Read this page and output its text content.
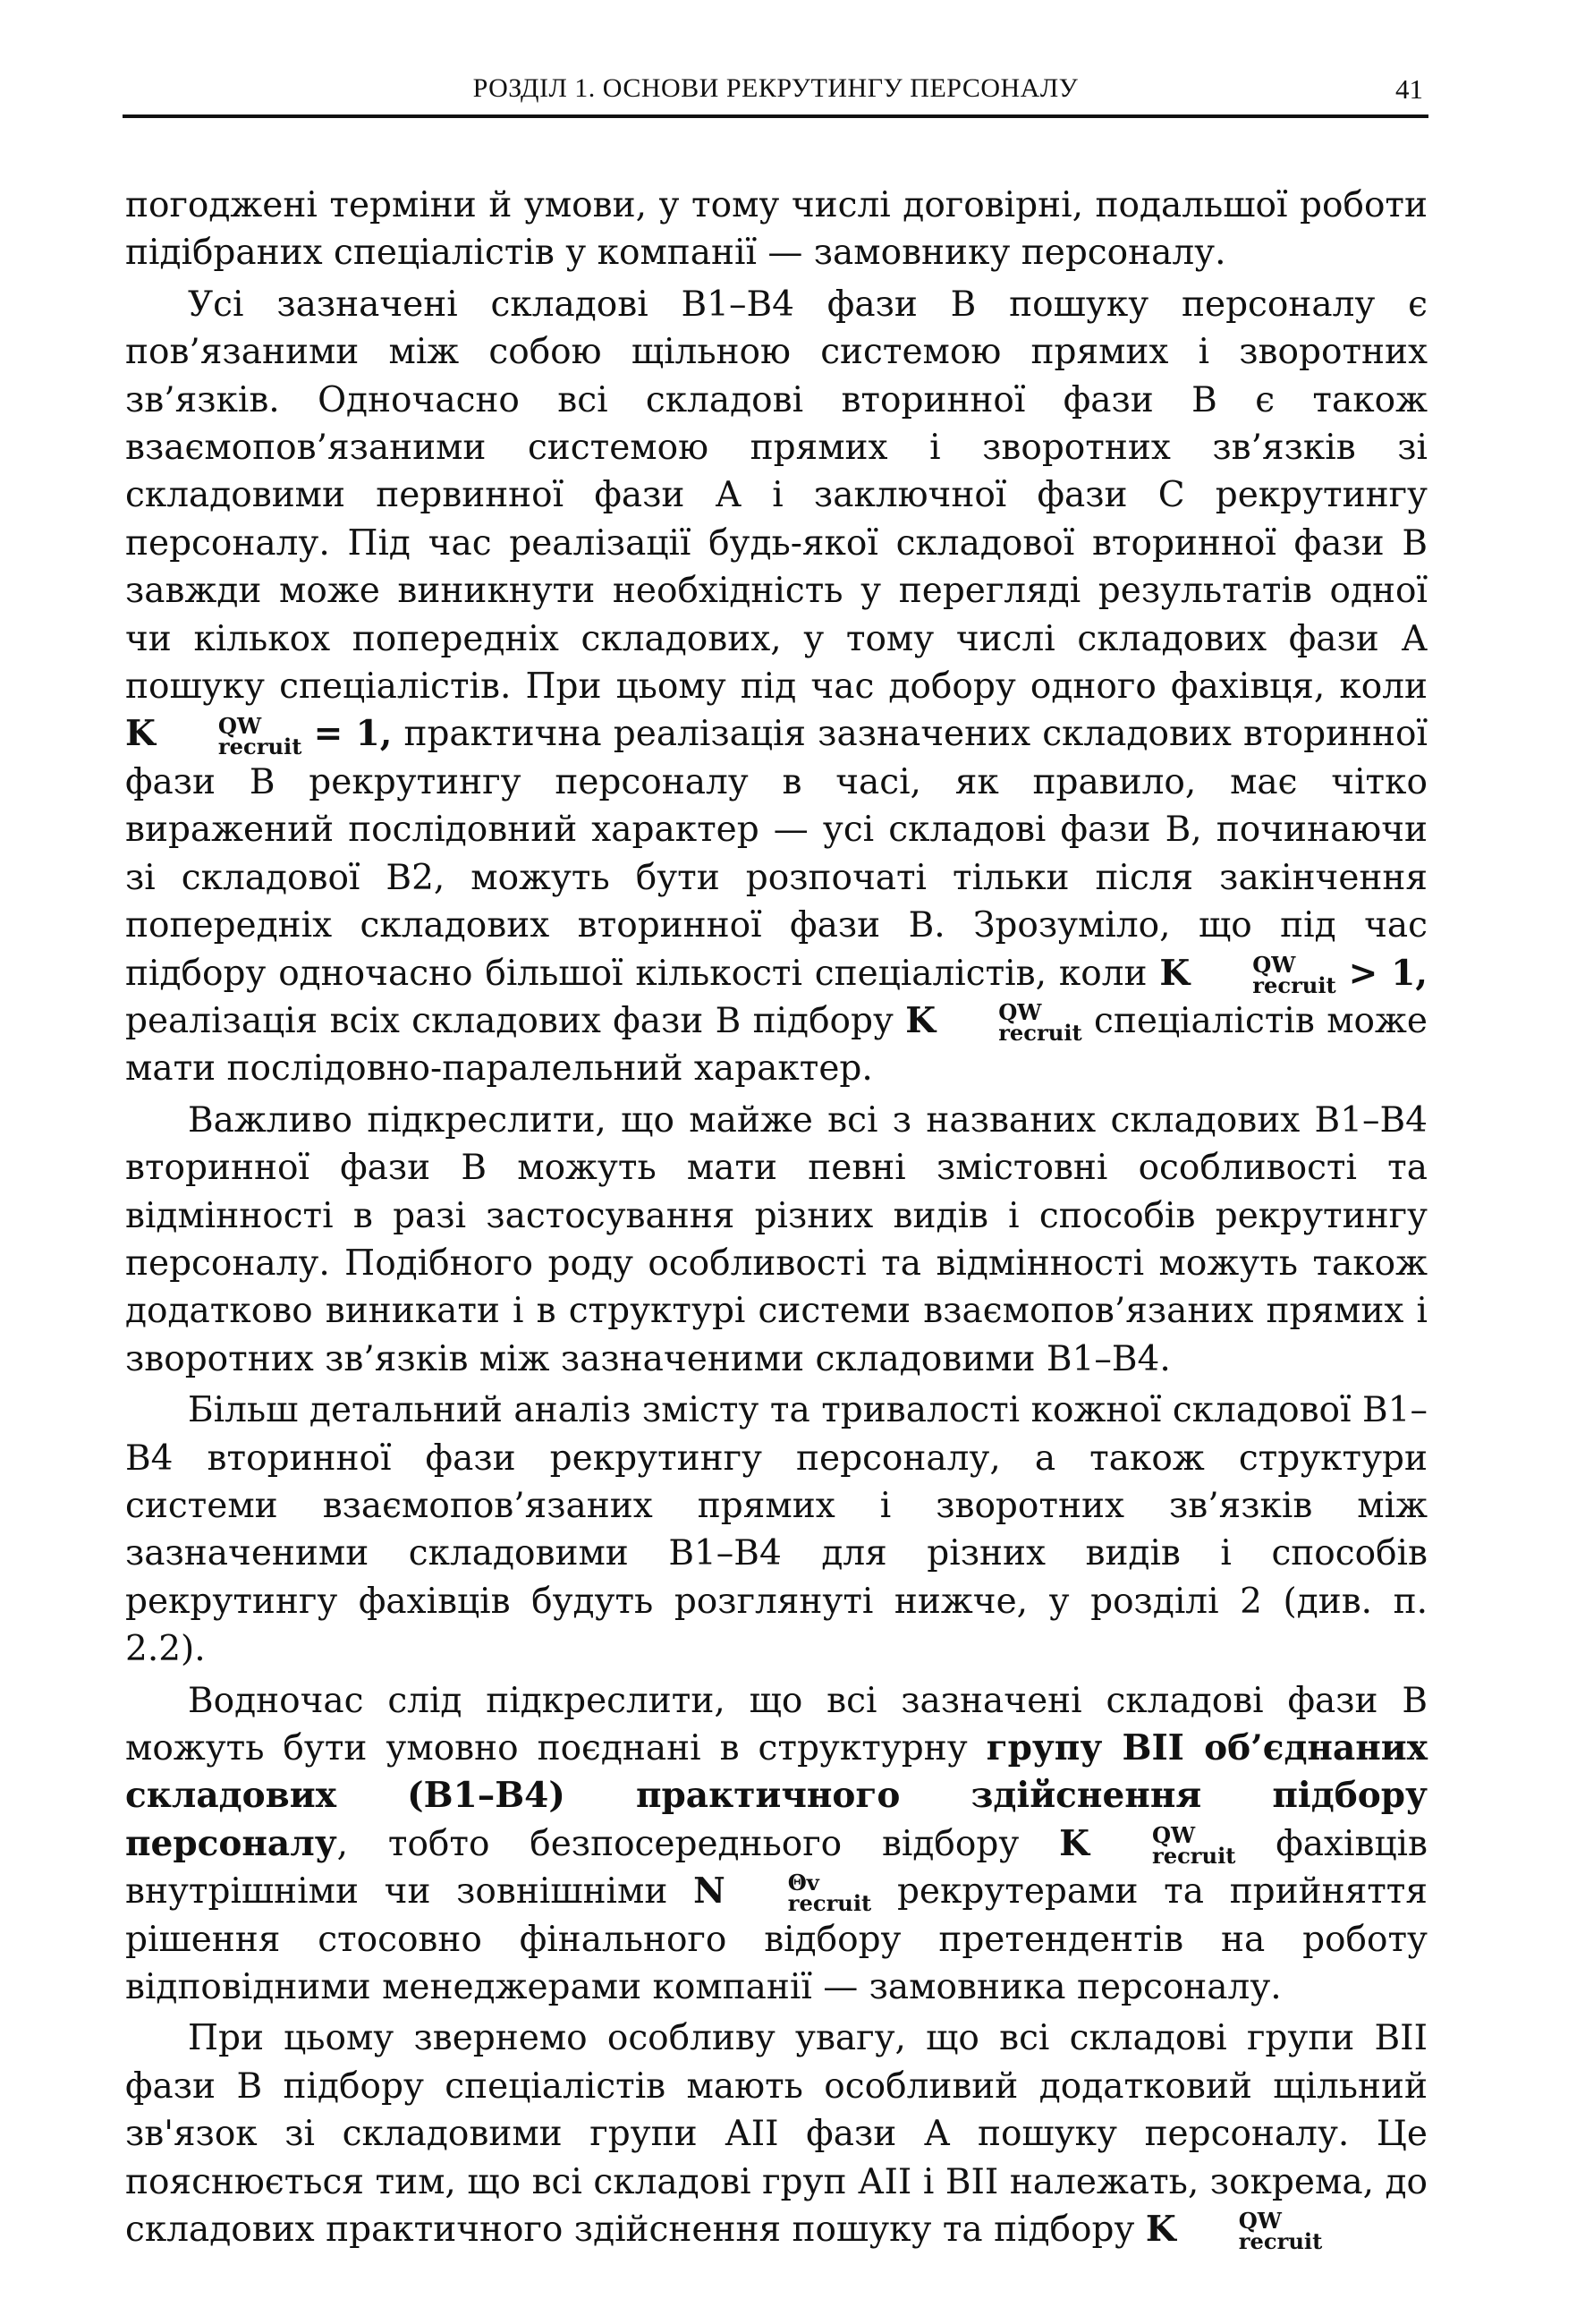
РОЗДІЛ 1. ОСНОВИ РЕКРУТИНГУ ПЕРСОНАЛУ	41

погоджені терміни й умови, у тому числі договірні, подальшої роботи підібраних спеціалістів у компанії — замовнику персоналу.

Усі зазначені складові В1–В4 фази В пошуку персоналу є пов’язаними між собою щільною системою прямих і зворотних зв’язків. Одночасно всі складові вторинної фази В є також взаємопов’язаними системою прямих і зворотних зв’язків зі складовими первинної фази А і заключної фази С рекрутингу персоналу. Під час реалізації будь-якої складової вторинної фази В завжди може виникнути необхідність у перегляді результатів одної чи кількох попередніх складових, у тому числі складових фази А пошуку спеціалістів. При цьому під час добору одного фахівця, коли K	QW
recruit = 1, практична реалізація зазначених складових вторинної фази В рекрутингу персоналу в часі, як правило, має чітко виражений послідовний характер — усі складові фази В, починаючи зі складової В2, можуть бути розпочаті тільки після закінчення попередніх складових вторинної фази В. Зрозуміло, що під час підбору одночасно більшої кількості спеціалістів, коли K	QW
recruit > 1, реалізація всіх складових фази В підбору K	QW
recruit спеціалістів може мати послідовно-паралельний характер.

Важливо підкреслити, що майже всі з названих складових В1–В4 вторинної фази В можуть мати певні змістовні особливості та відмінності в разі застосування різних видів і способів рекрутингу персоналу. Подібного роду особливості та відмінності можуть також додатково виникати і в структурі системи взаємопов’язаних прямих і зворотних зв’язків між зазначеними складовими В1–В4.

Більш детальний аналіз змісту та тривалості кожної складової В1–В4 вторинної фази рекрутингу персоналу, а також структури системи взаємопов’язаних прямих і зворотних зв’язків між зазначеними складовими В1–В4 для різних видів і способів рекрутингу фахівців будуть розглянуті нижче, у розділі 2 (див. п. 2.2).

Водночас слід підкреслити, що всі зазначені складові фази В можуть бути умовно поєднані в структурну групу ВІІ об’єднаних складових (В1–В4) практичного здійснення підбору персоналу, тобто безпосереднього відбору K	QW
recruit фахівців внутрішніми чи зовнішніми N	Θv
recruit рекрутерами та прийняття рішення стосовно фінального відбору претендентів на роботу відповідними менеджерами компанії — замовника персоналу.

При цьому звернемо особливу увагу, що всі складові групи ВІІ фази В підбору спеціалістів мають особливий додатковий щільний зв'язок зі складовими групи АІІ фази А пошуку персоналу. Це пояснюється тим, що всі складові груп АІІ і ВІІ належать, зокрема, до складових практичного здійснення пошуку та підбору K	QW
recruit
